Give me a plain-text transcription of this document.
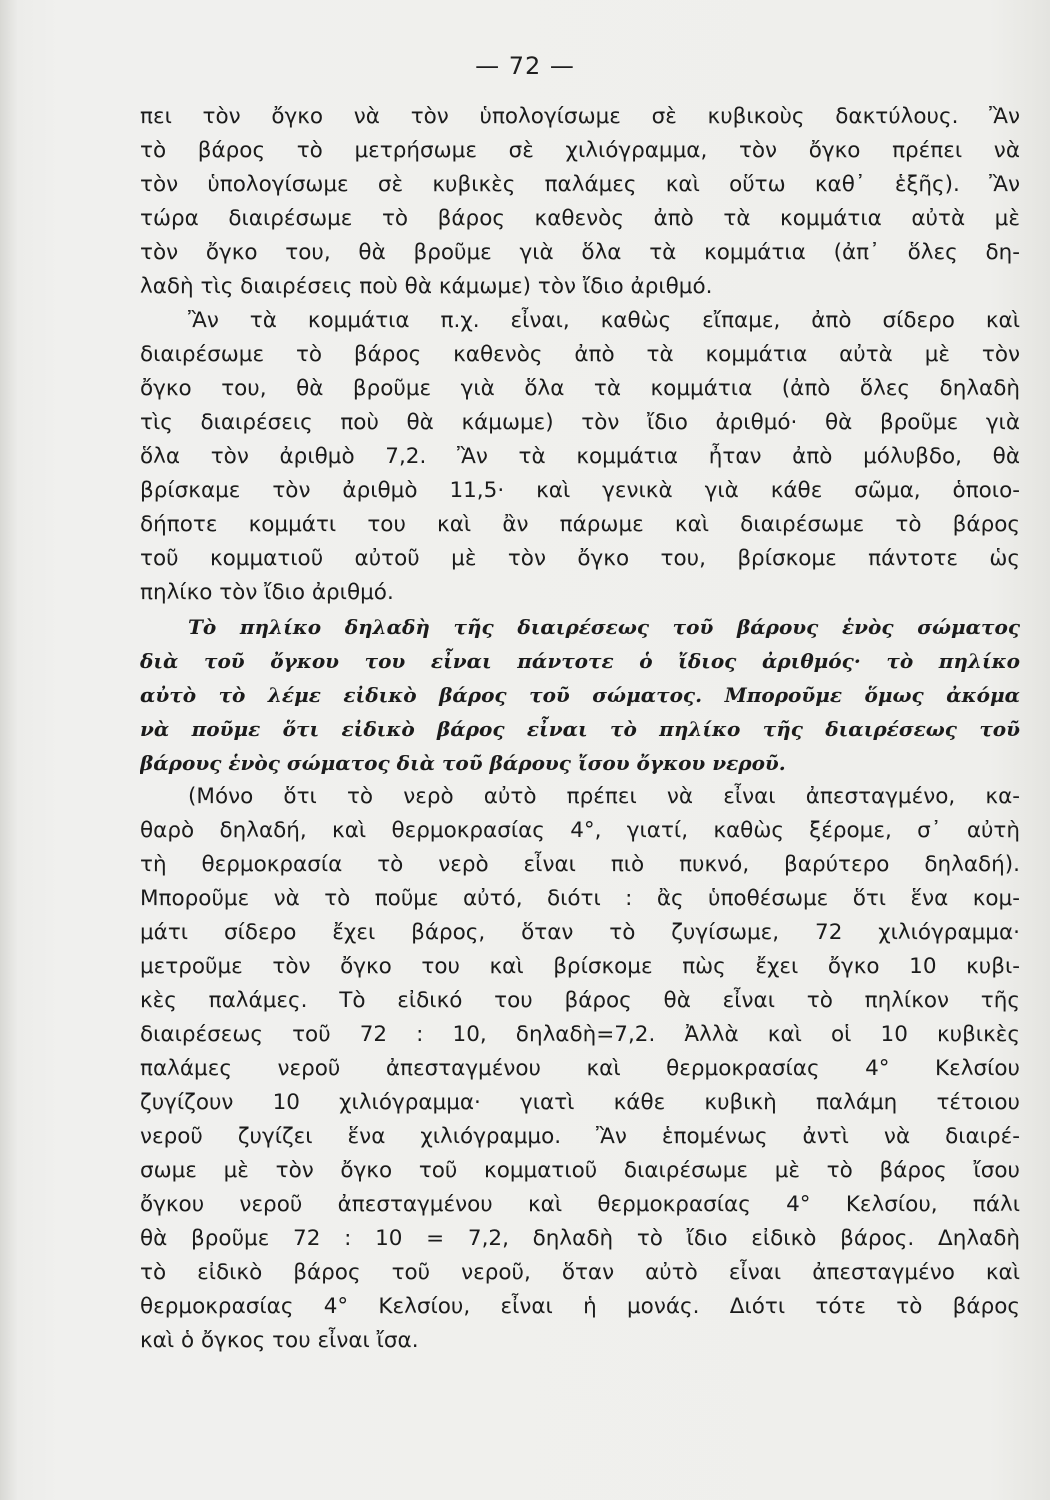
— 72 —
πει τὸν ὄγκο νὰ τὸν ὑπολογίσωμε σὲ κυβικοὺς δακτύλους. Ἂν
τὸ βάρος τὸ μετρήσωμε σὲ χιλιόγραμμα, τὸν ὄγκο πρέπει νὰ
τὸν ὑπολογίσωμε σὲ κυβικὲς παλάμες καὶ οὕτω καθ᾽ ἑξῆς). Ἂν
τώρα διαιρέσωμε τὸ βάρος καθενὸς ἀπὸ τὰ κομμάτια αὐτὰ μὲ
τὸν ὄγκο του, θὰ βροῦμε γιὰ ὅλα τὰ κομμάτια (ἀπ᾽ ὅλες δη-
λαδὴ τὶς διαιρέσεις ποὺ θὰ κάμωμε) τὸν ἴδιο ἀριθμό.
Ἂν τὰ κομμάτια π.χ. εἶναι, καθὼς εἴπαμε, ἀπὸ σίδερο καὶ
διαιρέσωμε τὸ βάρος καθενὸς ἀπὸ τὰ κομμάτια αὐτὰ μὲ τὸν
ὄγκο του, θὰ βροῦμε γιὰ ὅλα τὰ κομμάτια (ἀπὸ ὅλες δηλαδὴ
τὶς διαιρέσεις ποὺ θὰ κάμωμε) τὸν ἴδιο ἀριθμό· θὰ βροῦμε γιὰ
ὅλα τὸν ἀριθμὸ 7,2. Ἂν τὰ κομμάτια ἦταν ἀπὸ μόλυβδο, θὰ
βρίσκαμε τὸν ἀριθμὸ 11,5· καὶ γενικὰ γιὰ κάθε σῶμα, ὁποιο-
δήποτε κομμάτι του καὶ ἂν πάρωμε καὶ διαιρέσωμε τὸ βάρος
τοῦ κομματιοῦ αὐτοῦ μὲ τὸν ὄγκο του, βρίσκομε πάντοτε ὡς
πηλίκο τὸν ἴδιο ἀριθμό.
Τὸ πηλίκο δηλαδὴ τῆς διαιρέσεως τοῦ βάρους ἑνὸς σώματος
διὰ τοῦ ὄγκου του εἶναι πάντοτε ὁ ἴδιος ἀριθμός· τὸ πηλίκο
αὐτὸ τὸ λέμε εἰδικὸ βάρος τοῦ σώματος. Μποροῦμε ὅμως ἀκόμα
νὰ ποῦμε ὅτι εἰδικὸ βάρος εἶναι τὸ πηλίκο τῆς διαιρέσεως τοῦ
βάρους ἑνὸς σώματος διὰ τοῦ βάρους ἴσου ὄγκου νεροῦ.
(Μόνο ὅτι τὸ νερὸ αὐτὸ πρέπει νὰ εἶναι ἀπεσταγμένο, κα-
θαρὸ δηλαδή, καὶ θερμοκρασίας 4°, γιατί, καθὼς ξέρομε, σ᾽ αὐτὴ
τὴ θερμοκρασία τὸ νερὸ εἶναι πιὸ πυκνό, βαρύτερο δηλαδή).
Μποροῦμε νὰ τὸ ποῦμε αὐτό, διότι : ἂς ὑποθέσωμε ὅτι ἕνα κομ-
μάτι σίδερο ἔχει βάρος, ὅταν τὸ ζυγίσωμε, 72 χιλιόγραμμα·
μετροῦμε τὸν ὄγκο του καὶ βρίσκομε πὼς ἔχει ὄγκο 10 κυβι-
κὲς παλάμες. Τὸ εἰδικό του βάρος θὰ εἶναι τὸ πηλίκον τῆς
διαιρέσεως τοῦ 72 : 10, δηλαδὴ=7,2. Ἀλλὰ καὶ οἱ 10 κυβικὲς
παλάμες νεροῦ ἀπεσταγμένου καὶ θερμοκρασίας 4° Κελσίου
ζυγίζουν 10 χιλιόγραμμα· γιατὶ κάθε κυβικὴ παλάμη τέτοιου
νεροῦ ζυγίζει ἕνα χιλιόγραμμο. Ἂν ἑπομένως ἀντὶ νὰ διαιρέ-
σωμε μὲ τὸν ὄγκο τοῦ κομματιοῦ διαιρέσωμε μὲ τὸ βάρος ἴσου
ὄγκου νεροῦ ἀπεσταγμένου καὶ θερμοκρασίας 4° Κελσίου, πάλι
θὰ βροῦμε 72 : 10 = 7,2, δηλαδὴ τὸ ἴδιο εἰδικὸ βάρος. Δηλαδὴ
τὸ εἰδικὸ βάρος τοῦ νεροῦ, ὅταν αὐτὸ εἶναι ἀπεσταγμένο καὶ
θερμοκρασίας 4° Κελσίου, εἶναι ἡ μονάς. Διότι τότε τὸ βάρος
καὶ ὁ ὄγκος του εἶναι ἴσα.
